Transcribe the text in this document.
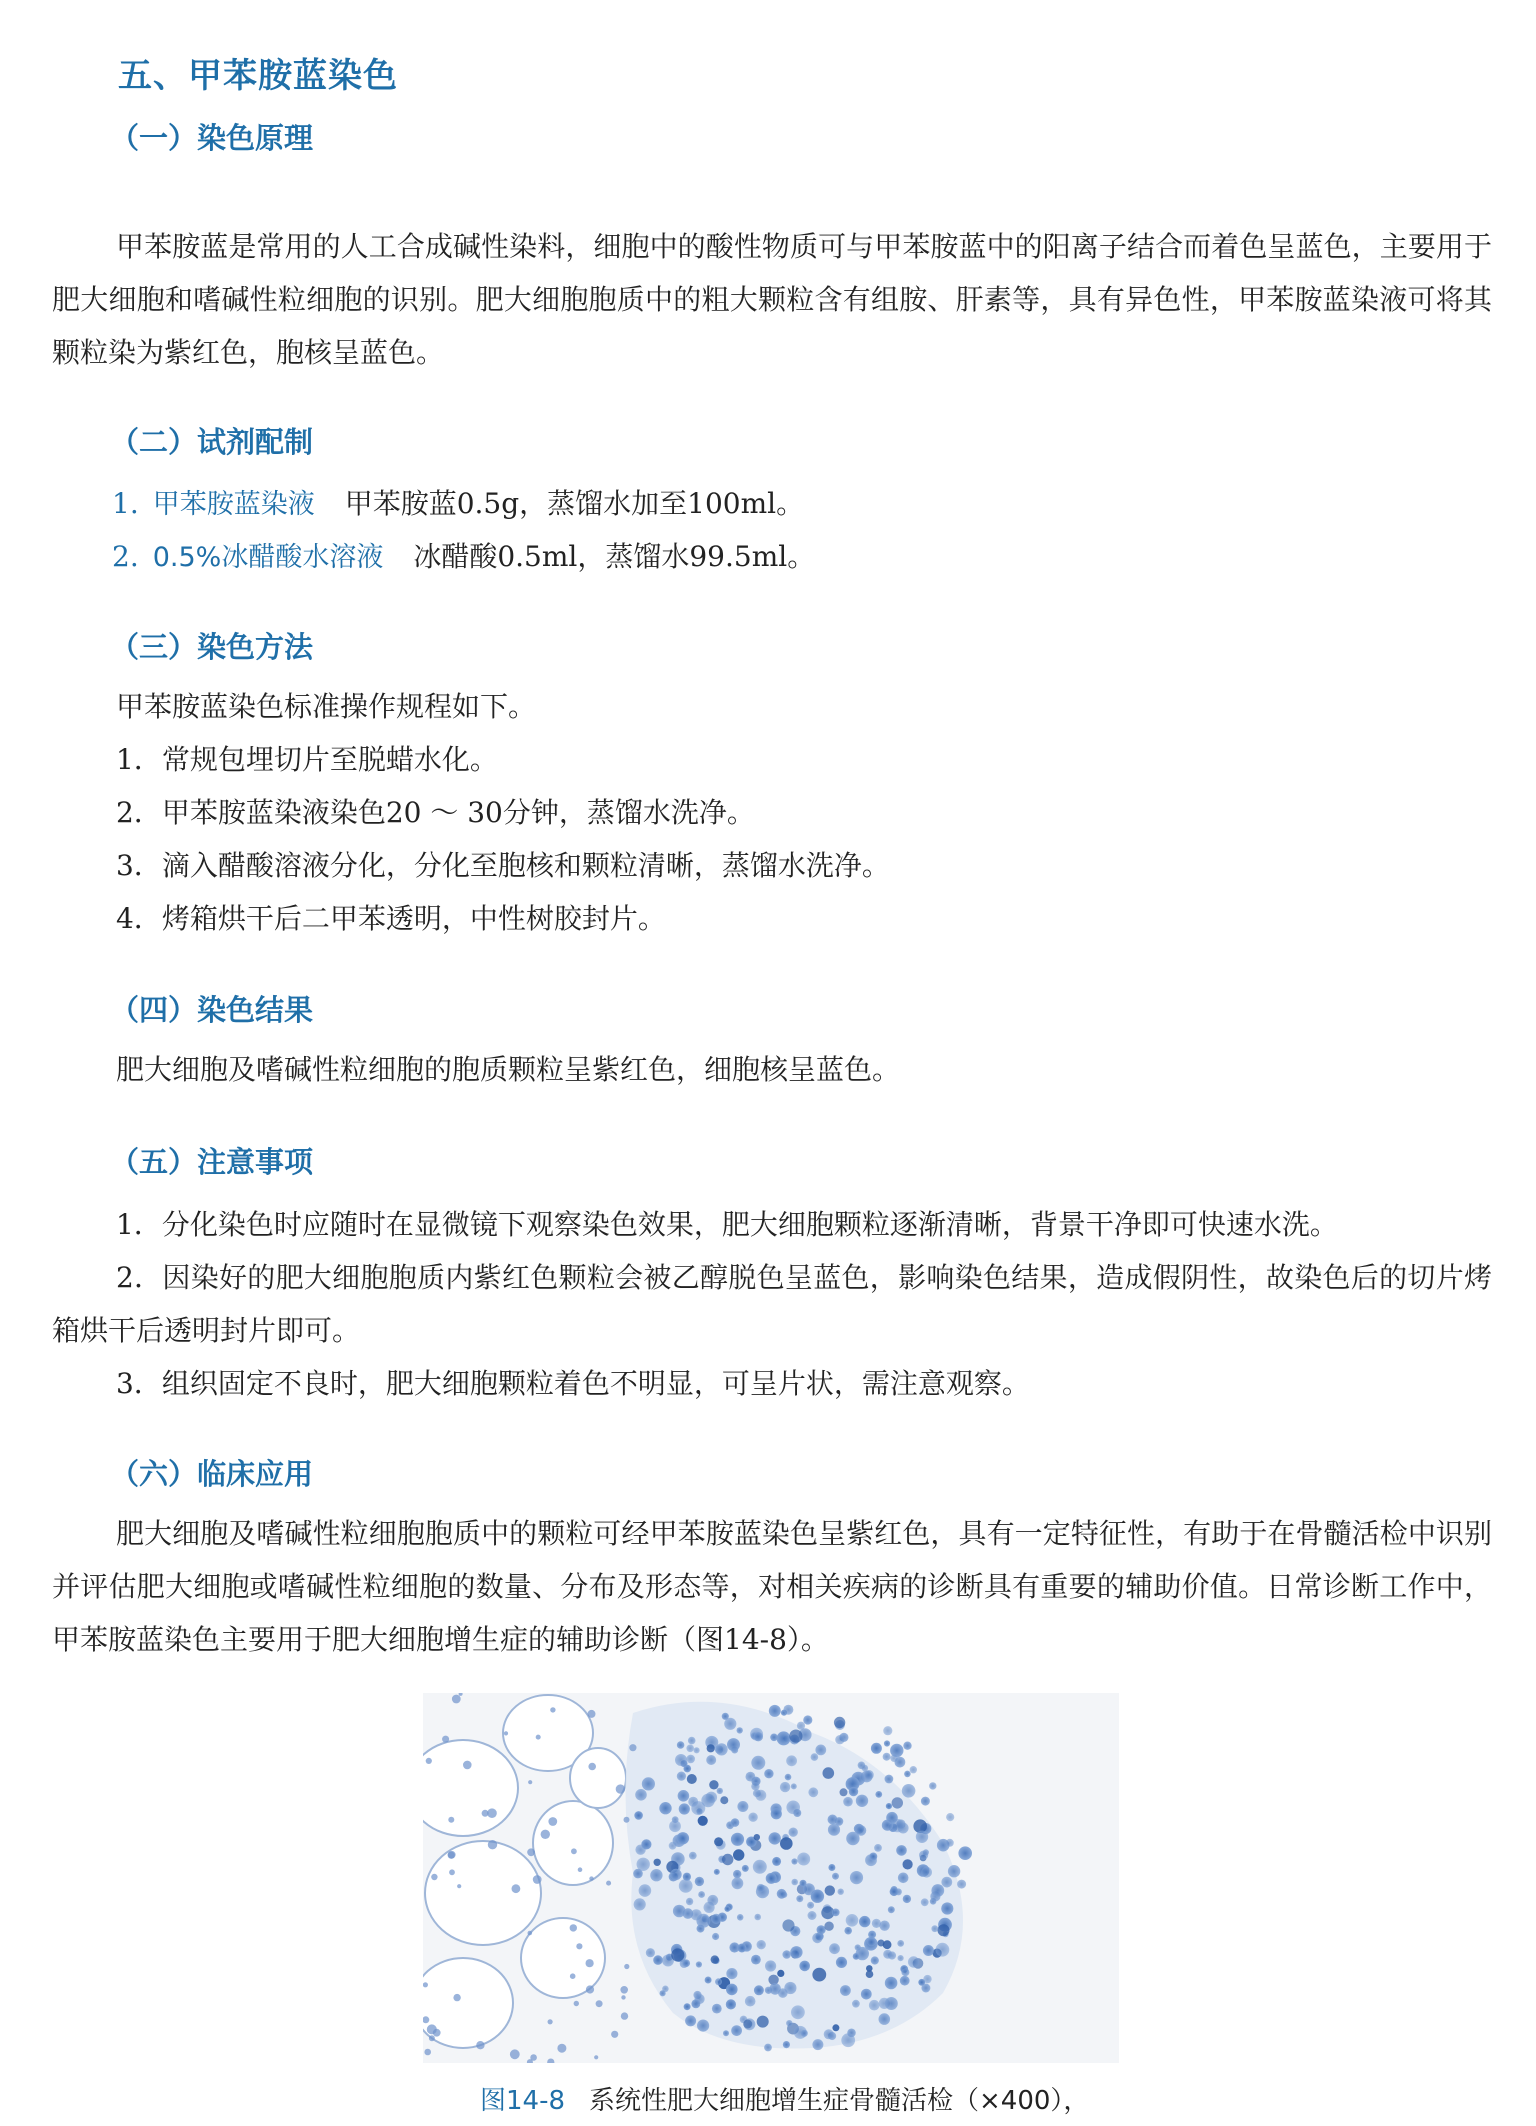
五、甲苯胺蓝染色
（一）染色原理
甲苯胺蓝是常用的人工合成碱性染料，细胞中的酸性物质可与甲苯胺蓝中的阳离子结合而着色呈蓝色，主要用于肥大细胞和嗜碱性粒细胞的识别。肥大细胞胞质中的粗大颗粒含有组胺、肝素等，具有异色性，甲苯胺蓝染液可将其颗粒染为紫红色，胞核呈蓝色。
（二）试剂配制
1. 甲苯胺蓝染液 甲苯胺蓝0.5g，蒸馏水加至100ml。
2. 0.5%冰醋酸水溶液 冰醋酸0.5ml，蒸馏水99.5ml。
（三）染色方法
甲苯胺蓝染色标准操作规程如下。
1．常规包埋切片至脱蜡水化。
2．甲苯胺蓝染液染色20 ～ 30分钟，蒸馏水洗净。
3．滴入醋酸溶液分化，分化至胞核和颗粒清晰，蒸馏水洗净。
4．烤箱烘干后二甲苯透明，中性树胶封片。
（四）染色结果
肥大细胞及嗜碱性粒细胞的胞质颗粒呈紫红色，细胞核呈蓝色。
（五）注意事项
1．分化染色时应随时在显微镜下观察染色效果，肥大细胞颗粒逐渐清晰，背景干净即可快速水洗。
2．因染好的肥大细胞胞质内紫红色颗粒会被乙醇脱色呈蓝色，影响染色结果，造成假阴性，故染色后的切片烤箱烘干后透明封片即可。
3．组织固定不良时，肥大细胞颗粒着色不明显，可呈片状，需注意观察。
（六）临床应用
肥大细胞及嗜碱性粒细胞胞质中的颗粒可经甲苯胺蓝染色呈紫红色，具有一定特征性，有助于在骨髓活检中识别并评估肥大细胞或嗜碱性粒细胞的数量、分布及形态等，对相关疾病的诊断具有重要的辅助价值。日常诊断工作中，甲苯胺蓝染色主要用于肥大细胞增生症的辅助诊断（图14-8）。
图14-8 系统性肥大细胞增生症骨髓活检（×400），
